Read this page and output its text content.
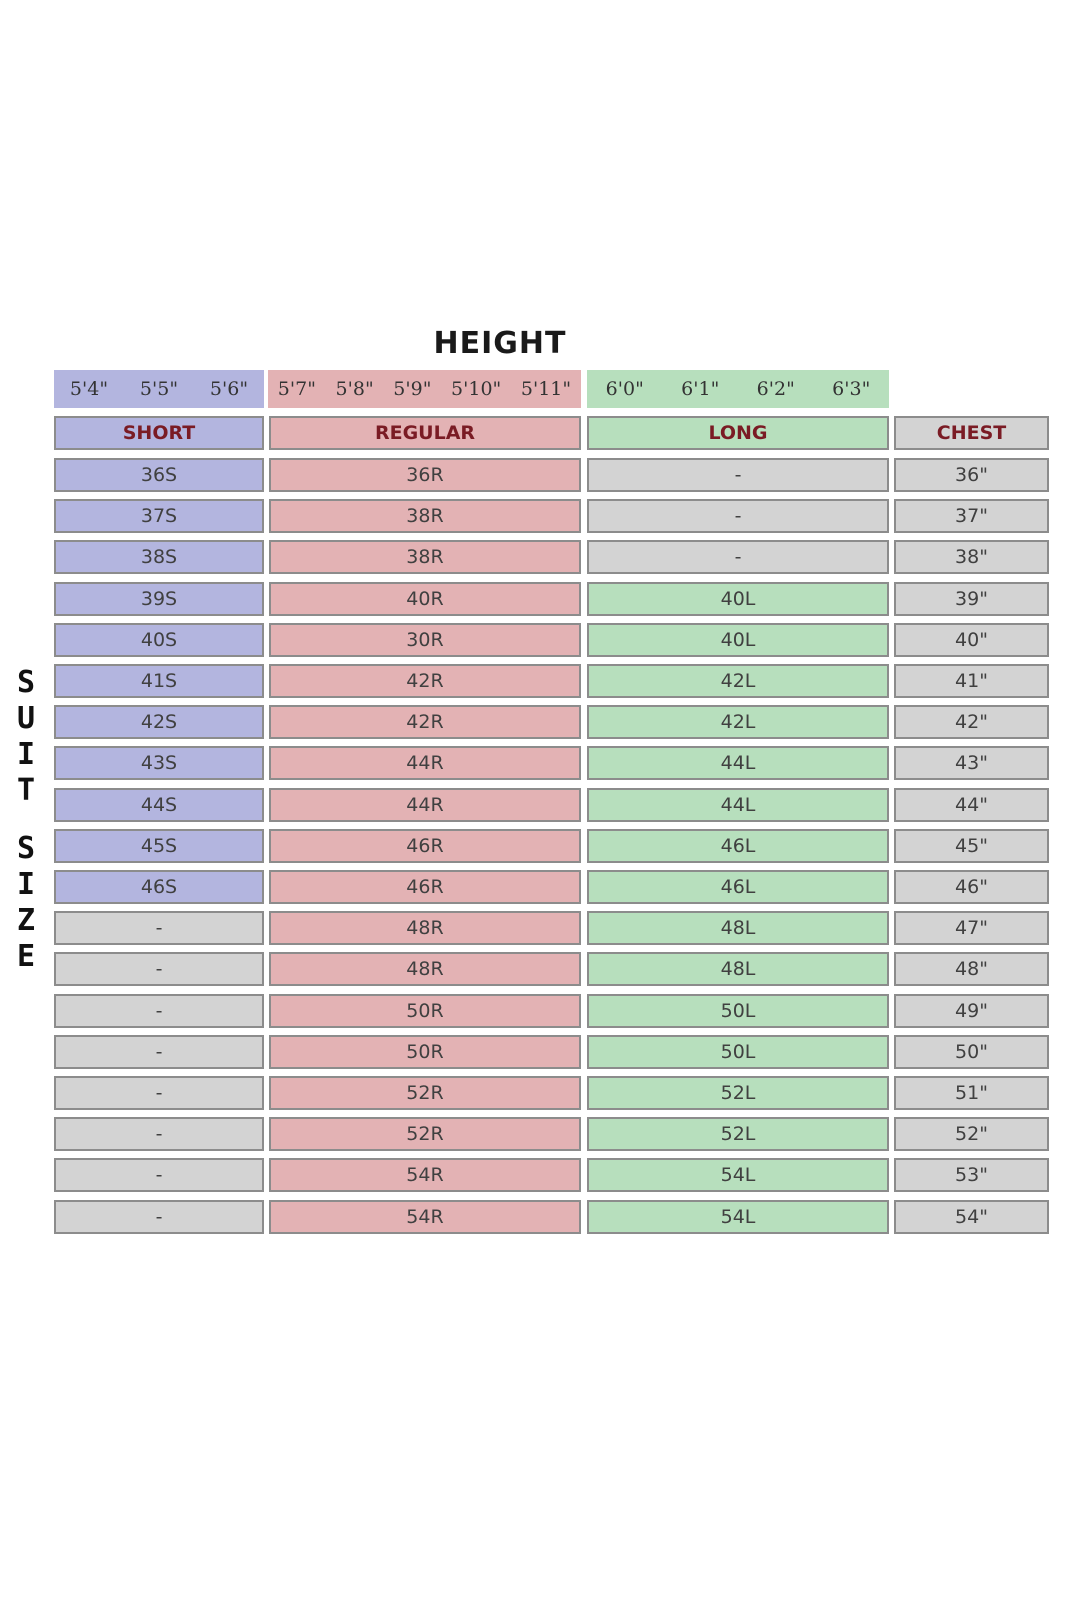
HEIGHT
5'4" 5'5" 5'6" 5'7" 5'8" 5'9" 5'10" 5'11" 6'0" 6'1" 6'2" 6'3"
S
U
I
T
S
I
Z
E
SHORT	REGULAR	LONG	CHEST
36S	36R	-	36"
37S	38R	-	37"
38S	38R	-	38"
39S	40R	40L	39"
40S	30R	40L	40"
41S	42R	42L	41"
42S	42R	42L	42"
43S	44R	44L	43"
44S	44R	44L	44"
45S	46R	46L	45"
46S	46R	46L	46"
-	48R	48L	47"
-	48R	48L	48"
-	50R	50L	49"
-	50R	50L	50"
-	52R	52L	51"
-	52R	52L	52"
-	54R	54L	53"
-	54R	54L	54"
